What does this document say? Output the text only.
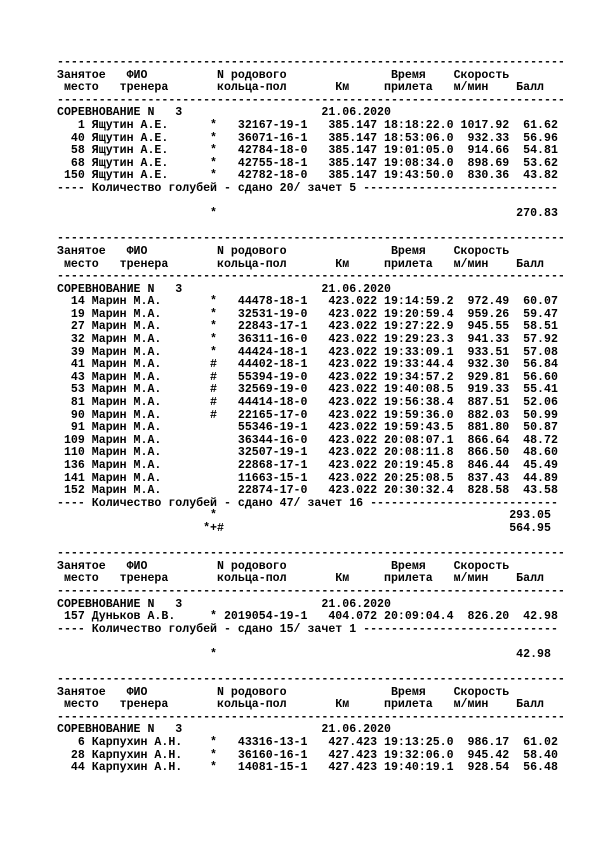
-------------------------------------------------------------------------
Занятое   ФИО          N родового               Время    Скорость
место   тренера       кольца-пол       Км     прилета   м/мин    Балл
-------------------------------------------------------------------------
СОРЕВНОВАНИЕ N   3	21.06.2020
1 Ящутин А.Е.      *   32167-19-1   385.147 18:18:22.0 1017.92  61.62
40 Ящутин А.Е.      *   36071-16-1   385.147 18:53:06.0  932.33  56.96
58 Ящутин А.Е.      *   42784-18-0   385.147 19:01:05.0  914.66  54.81
68 Ящутин А.Е.      *   42755-18-1   385.147 19:08:34.0  898.69  53.62
150 Ящутин А.Е.      *   42782-18-0   385.147 19:43:50.0  830.36  43.82
---- Количество голубей - сдано 20/ зачет 5 ----------------------------
*                                           270.83
-------------------------------------------------------------------------
Занятое   ФИО          N родового               Время    Скорость
место   тренера       кольца-пол       Км     прилета   м/мин    Балл
-------------------------------------------------------------------------
СОРЕВНОВАНИЕ N   3	21.06.2020
14 Марин М.А.       *   44478-18-1   423.022 19:14:59.2  972.49  60.07
19 Марин М.А.       *   32531-19-0   423.022 19:20:59.4  959.26  59.47
27 Марин М.А.       *   22843-17-1   423.022 19:27:22.9  945.55  58.51
32 Марин М.А.       *   36311-16-0   423.022 19:29:23.3  941.33  57.92
39 Марин М.А.       *   44424-18-1   423.022 19:33:09.1  933.51  57.08
41 Марин М.А.       #   44402-18-1   423.022 19:33:44.4  932.30  56.84
43 Марин М.А.       #   55394-19-0   423.022 19:34:57.2  929.81  56.60
53 Марин М.А.       #   32569-19-0   423.022 19:40:08.5  919.33  55.41
81 Марин М.А.       #   44414-18-0   423.022 19:56:38.4  887.51  52.06
90 Марин М.А.       #   22165-17-0   423.022 19:59:36.0  882.03  50.99
91 Марин М.А.           55346-19-1   423.022 19:59:43.5  881.80  50.87
109 Марин М.А.           36344-16-0   423.022 20:08:07.1  866.64  48.72
110 Марин М.А.           32507-19-1   423.022 20:08:11.8  866.50  48.60
136 Марин М.А.           22868-17-1   423.022 20:19:45.8  846.44  45.49
141 Марин М.А.           11663-15-1   423.022 20:25:08.5  837.43  44.89
152 Марин М.А.           22874-17-0   423.022 20:30:32.4  828.58  43.58
---- Количество голубей - сдано 47/ зачет 16 ---------------------------
*                                          293.05
*+#                                         564.95
-------------------------------------------------------------------------
Занятое   ФИО          N родового               Время    Скорость
место   тренера       кольца-пол       Км     прилета   м/мин    Балл
-------------------------------------------------------------------------
СОРЕВНОВАНИЕ N   3	21.06.2020
157 Дуньков А.В.     * 2019054-19-1   404.072 20:09:04.4  826.20  42.98
---- Количество голубей - сдано 15/ зачет 1 ----------------------------
*                                           42.98
-------------------------------------------------------------------------
Занятое   ФИО          N родового               Время    Скорость
место   тренера       кольца-пол       Км     прилета   м/мин    Балл
-------------------------------------------------------------------------
СОРЕВНОВАНИЕ N   3	21.06.2020
6 Карпухин А.Н.    *   43316-13-1   427.423 19:13:25.0  986.17  61.02
28 Карпухин А.Н.    *   36160-16-1   427.423 19:32:06.0  945.42  58.40
44 Карпухин А.Н.    *   14081-15-1   427.423 19:40:19.1  928.54  56.48
